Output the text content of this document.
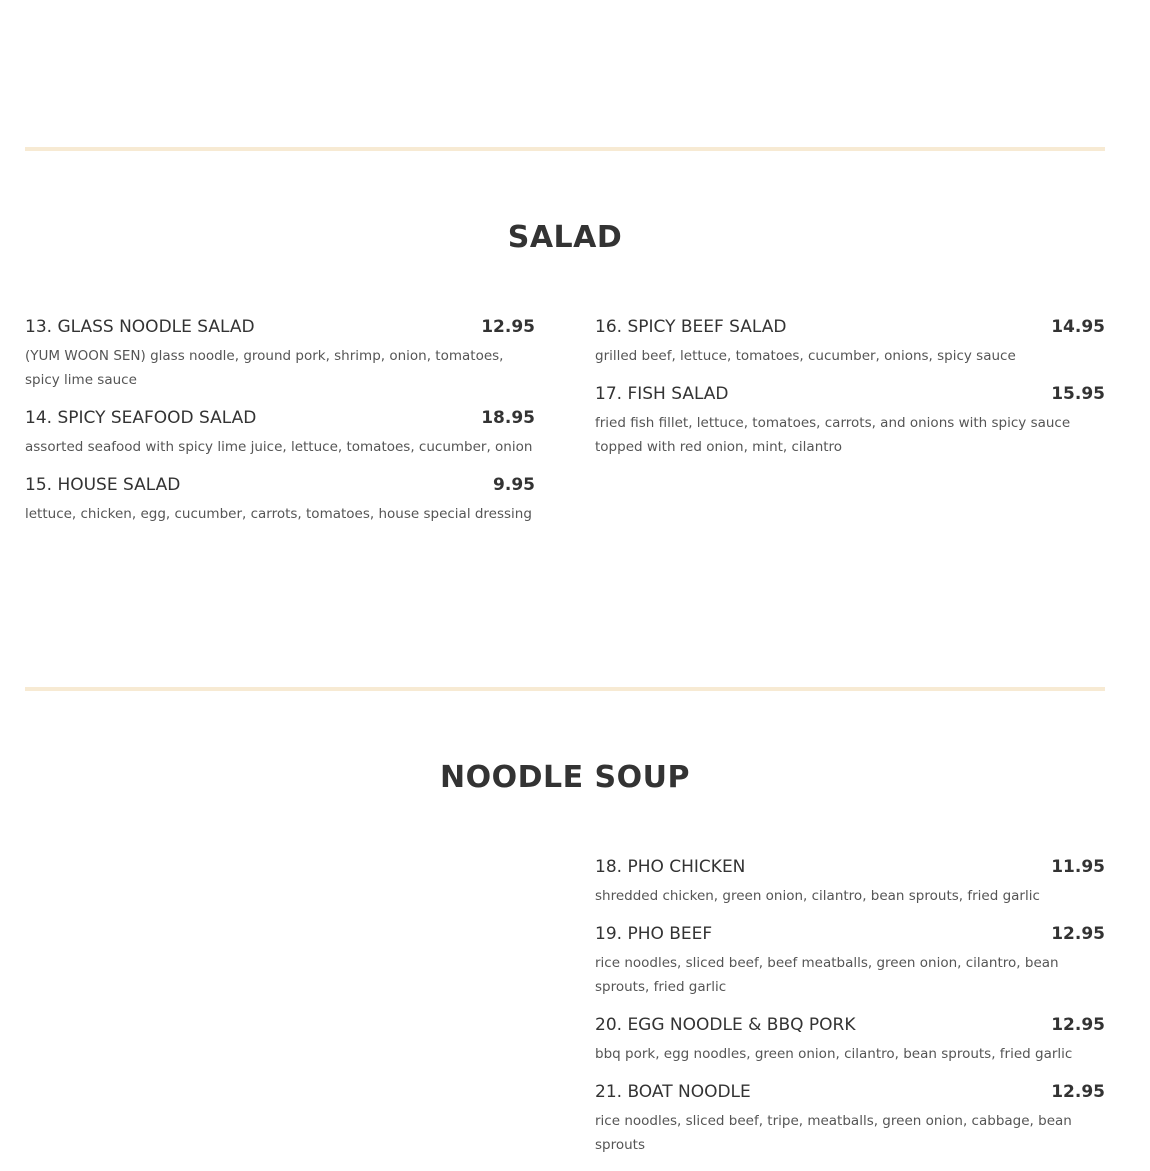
SALAD
13. GLASS NOODLE SALAD	12.95
(YUM WOON SEN) glass noodle, ground pork, shrimp, onion, tomatoes, spicy lime sauce
14. SPICY SEAFOOD SALAD	18.95
assorted seafood with spicy lime juice, lettuce, tomatoes, cucumber, onion
15. HOUSE SALAD	9.95
lettuce, chicken, egg, cucumber, carrots, tomatoes, house special dressing
16. SPICY BEEF SALAD	14.95
grilled beef, lettuce, tomatoes, cucumber, onions, spicy sauce
17. FISH SALAD	15.95
fried fish fillet, lettuce, tomatoes, carrots, and onions with spicy sauce topped with red onion, mint, cilantro
NOODLE SOUP
18. PHO CHICKEN	11.95
shredded chicken, green onion, cilantro, bean sprouts, fried garlic
19. PHO BEEF	12.95
rice noodles, sliced beef, beef meatballs, green onion, cilantro, bean sprouts, fried garlic
20. EGG NOODLE & BBQ PORK	12.95
bbq pork, egg noodles, green onion, cilantro, bean sprouts, fried garlic
21. BOAT NOODLE	12.95
rice noodles, sliced beef, tripe, meatballs, green onion, cabbage, bean sprouts
